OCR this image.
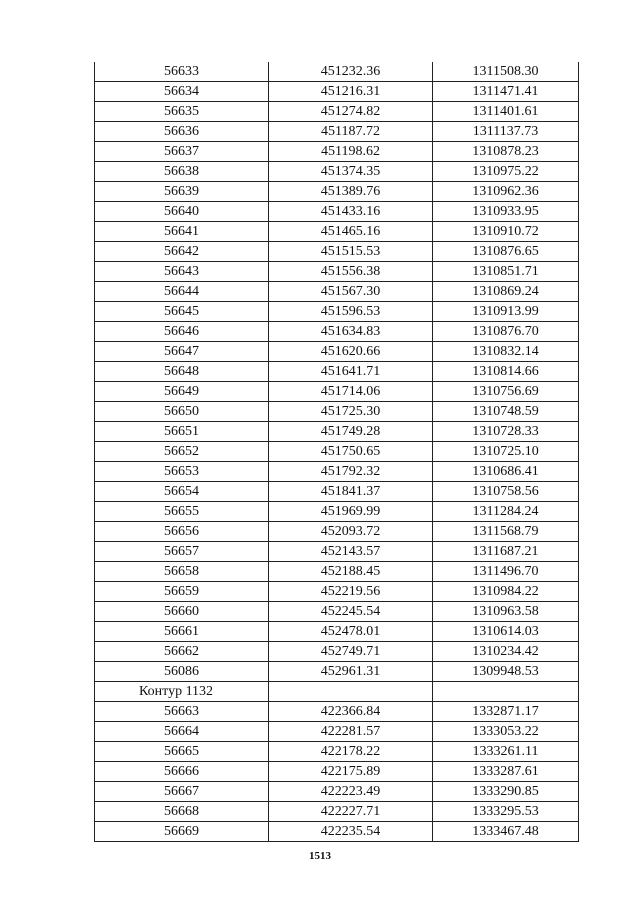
56633	451232.36	1311508.30
56634	451216.31	1311471.41
56635	451274.82	1311401.61
56636	451187.72	1311137.73
56637	451198.62	1310878.23
56638	451374.35	1310975.22
56639	451389.76	1310962.36
56640	451433.16	1310933.95
56641	451465.16	1310910.72
56642	451515.53	1310876.65
56643	451556.38	1310851.71
56644	451567.30	1310869.24
56645	451596.53	1310913.99
56646	451634.83	1310876.70
56647	451620.66	1310832.14
56648	451641.71	1310814.66
56649	451714.06	1310756.69
56650	451725.30	1310748.59
56651	451749.28	1310728.33
56652	451750.65	1310725.10
56653	451792.32	1310686.41
56654	451841.37	1310758.56
56655	451969.99	1311284.24
56656	452093.72	1311568.79
56657	452143.57	1311687.21
56658	452188.45	1311496.70
56659	452219.56	1310984.22
56660	452245.54	1310963.58
56661	452478.01	1310614.03
56662	452749.71	1310234.42
56086	452961.31	1309948.53
Контур 1132		
56663	422366.84	1332871.17
56664	422281.57	1333053.22
56665	422178.22	1333261.11
56666	422175.89	1333287.61
56667	422223.49	1333290.85
56668	422227.71	1333295.53
56669	422235.54	1333467.48
1513
